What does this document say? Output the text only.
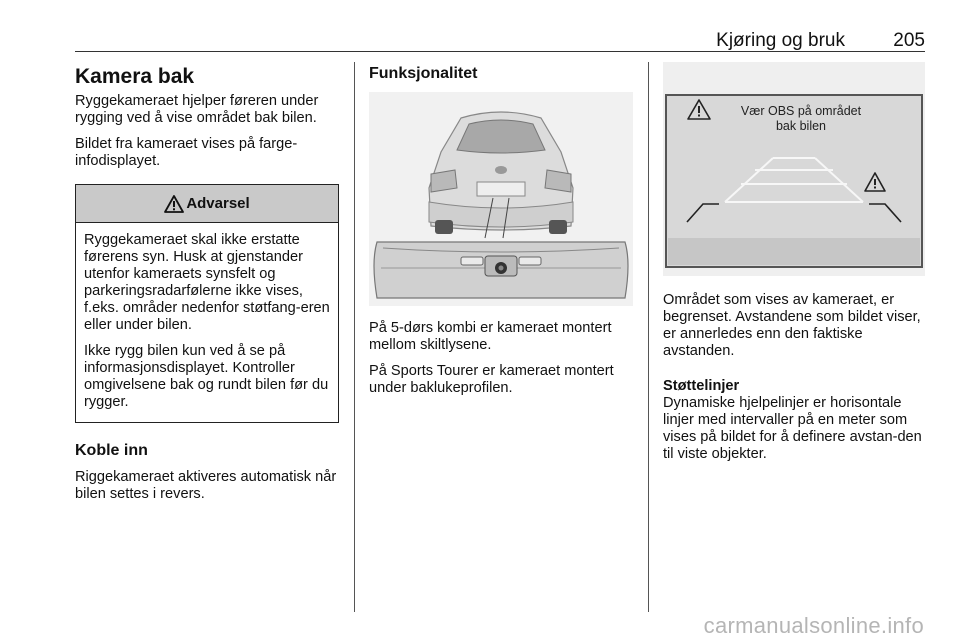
Kjøring og bruk	205
Kamera bak

Ryggekameraet hjelper føreren under rygging ved å vise området bak bilen.

Bildet fra kameraet vises på farge-infodisplayet.

Advarsel

Ryggekameraet skal ikke erstatte førerens syn. Husk at gjenstander utenfor kameraets synsfelt og parkeringsradarfølerne ikke vises, f.eks. områder nedenfor støtfang-eren eller under bilen.

Ikke rygg bilen kun ved å se på informasjonsdisplayet. Kontroller omgivelsene bak og rundt bilen før du rygger.

Koble inn

Riggekameraet aktiveres automatisk når bilen settes i revers.

Funksjonalitet

På 5-dørs kombi er kameraet montert mellom skiltlysene.

På Sports Tourer er kameraet montert under baklukeprofilen.

Vær OBS på området
bak bilen

Området som vises av kameraet, er begrenset. Avstandene som bildet viser, er annerledes enn den faktiske avstanden.

Støttelinjer

Dynamiske hjelpelinjer er horisontale linjer med intervaller på en meter som vises på bildet for å definere avstan-den til viste objekter.

carmanualsonline.info
